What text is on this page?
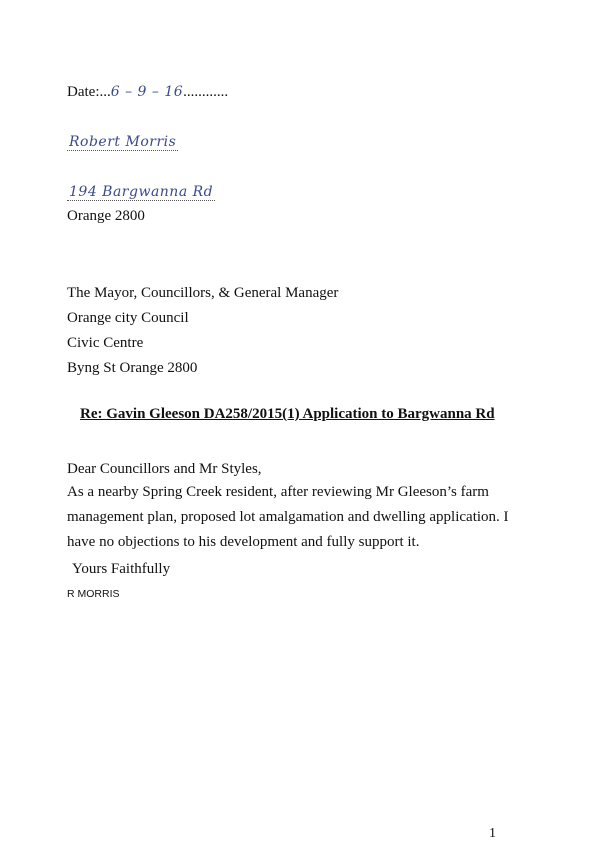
Date:...6 – 9 – 16............
Robert Morris
194 Bargwanna Rd
Orange 2800
The Mayor, Councillors, & General Manager
Orange city Council
Civic Centre
Byng St Orange 2800
Re: Gavin Gleeson DA258/2015(1) Application to Bargwanna Rd
Dear Councillors and Mr Styles,
As a nearby Spring Creek resident, after reviewing Mr Gleeson’s farm management plan, proposed lot amalgamation and dwelling application. I have no objections to his development and fully support it.
Yours Faithfully
R MORRIS
1
